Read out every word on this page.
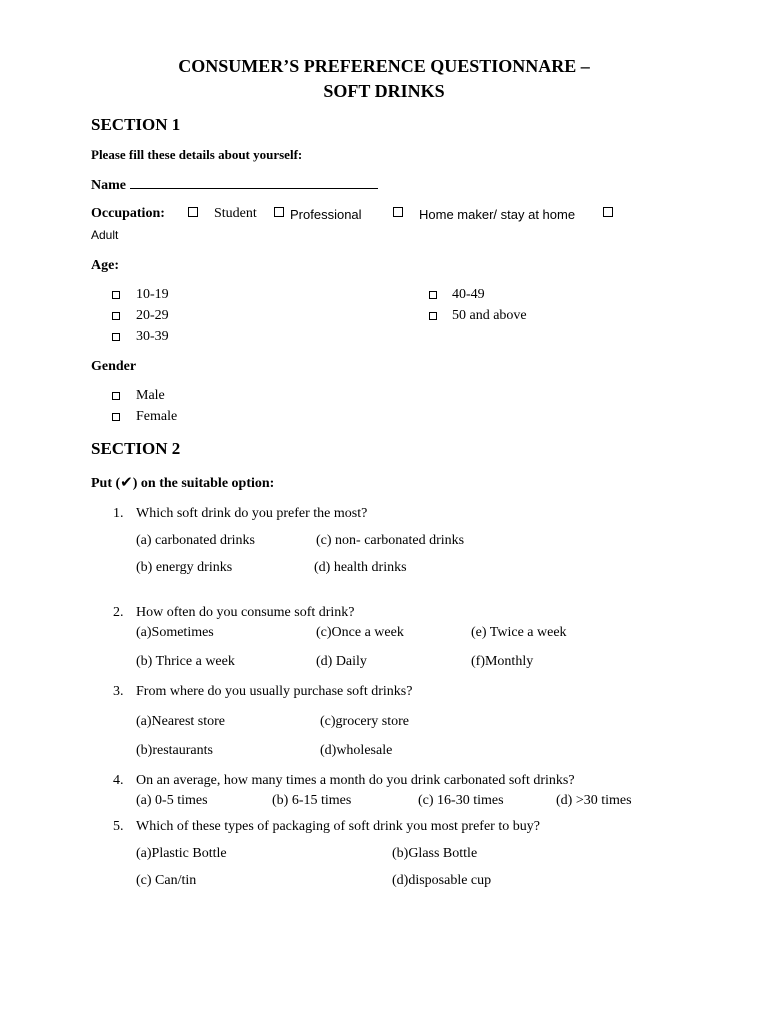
CONSUMER’S PREFERENCE QUESTIONNARE –
SOFT DRINKS
SECTION 1
Please fill these details about yourself:
Name
Occupation:	Student	Professional	Home maker/ stay at home
Adult
Age:
10-19
20-29
30-39
40-49
50 and above
Gender
Male
Female
SECTION 2
Put (✔) on the suitable option:
1. Which soft drink do you prefer the most?
(a) carbonated drinks	(c) non- carbonated drinks
(b) energy drinks	(d) health drinks
2. How often do you consume soft drink?
(a)Sometimes	(c)Once a week	(e) Twice a week
(b) Thrice a week	(d) Daily	(f)Monthly
3. From where do you usually purchase soft drinks?
(a)Nearest store	(c)grocery store
(b)restaurants	(d)wholesale
4. On an average, how many times a month do you drink carbonated soft drinks?
(a) 0-5 times	(b) 6-15 times	(c) 16-30 times	(d) >30 times
5. Which of these types of packaging of soft drink you most prefer to buy?
(a)Plastic Bottle	(b)Glass Bottle
(c) Can/tin	(d)disposable cup
